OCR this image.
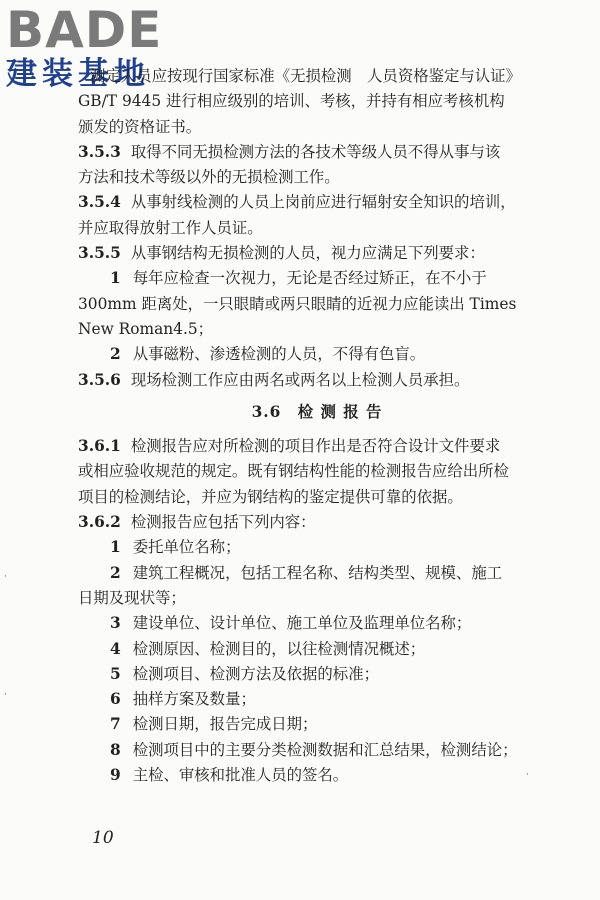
BADE
建装基地
测定人员应按现行国家标准《无损检测　人员资格鉴定与认证》
GB/T 9445 进行相应级别的培训、考核，并持有相应考核机构
颁发的资格证书。
3.5.3 取得不同无损检测方法的各技术等级人员不得从事与该
方法和技术等级以外的无损检测工作。
3.5.4 从事射线检测的人员上岗前应进行辐射安全知识的培训，
并应取得放射工作人员证。
3.5.5 从事钢结构无损检测的人员，视力应满足下列要求：
1 每年应检查一次视力，无论是否经过矫正，在不小于
300mm 距离处，一只眼睛或两只眼睛的近视力应能读出 Times
New Roman4.5；
2 从事磁粉、渗透检测的人员，不得有色盲。
3.5.6 现场检测工作应由两名或两名以上检测人员承担。
3.6　 检 测 报 告
3.6.1 检测报告应对所检测的项目作出是否符合设计文件要求
或相应验收规范的规定。既有钢结构性能的检测报告应给出所检
项目的检测结论，并应为钢结构的鉴定提供可靠的依据。
3.6.2 检测报告应包括下列内容：
1 委托单位名称；
2 建筑工程概况，包括工程名称、结构类型、规模、施工
日期及现状等；
3 建设单位、设计单位、施工单位及监理单位名称；
4 检测原因、检测目的，以往检测情况概述；
5 检测项目、检测方法及依据的标准；
6 抽样方案及数量；
7 检测日期，报告完成日期；
8 检测项目中的主要分类检测数据和汇总结果，检测结论；
9 主检、审核和批准人员的签名。
10
·
·
·
